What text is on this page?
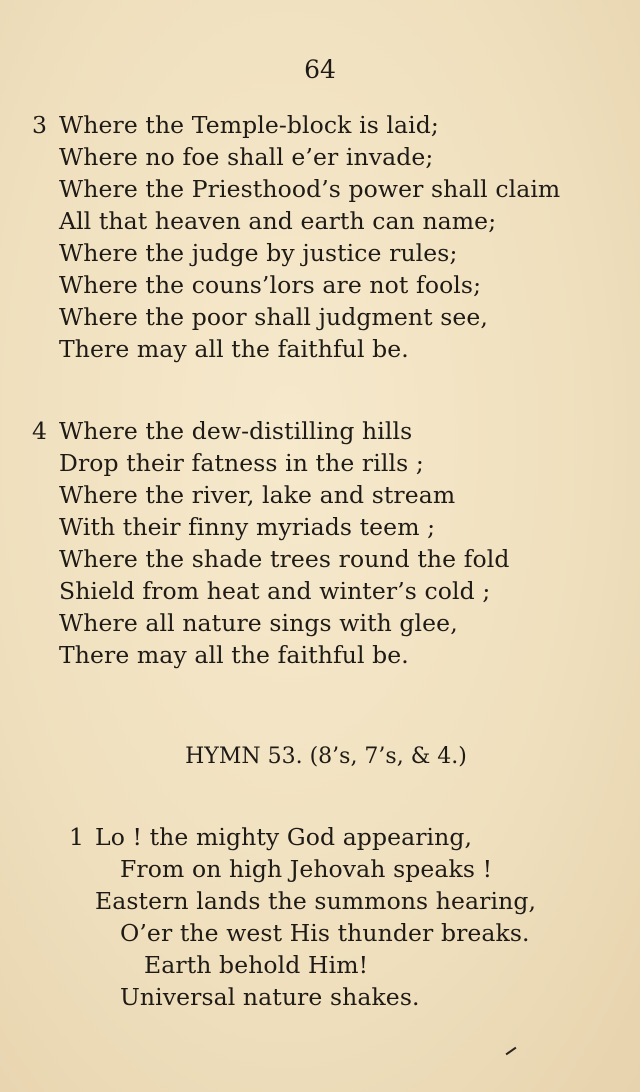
64
3 Where the Temple-block is laid;
Where no foe shall e’er invade;
Where the Priesthood’s power shall claim
All that heaven and earth can name;
Where the judge by justice rules;
Where the couns’lors are not fools;
Where the poor shall judgment see,
There may all the faithful be.
4 Where the dew-distilling hills
Drop their fatness in the rills ;
Where the river, lake and stream
With their finny myriads teem ;
Where the shade trees round the fold
Shield from heat and winter’s cold ;
Where all nature sings with glee,
There may all the faithful be.
HYMN 53. (8’s, 7’s, & 4.)
1 Lo ! the mighty God appearing,
From on high Jehovah speaks !
Eastern lands the summons hearing,
O’er the west His thunder breaks.
Earth behold Him!
Universal nature shakes.
